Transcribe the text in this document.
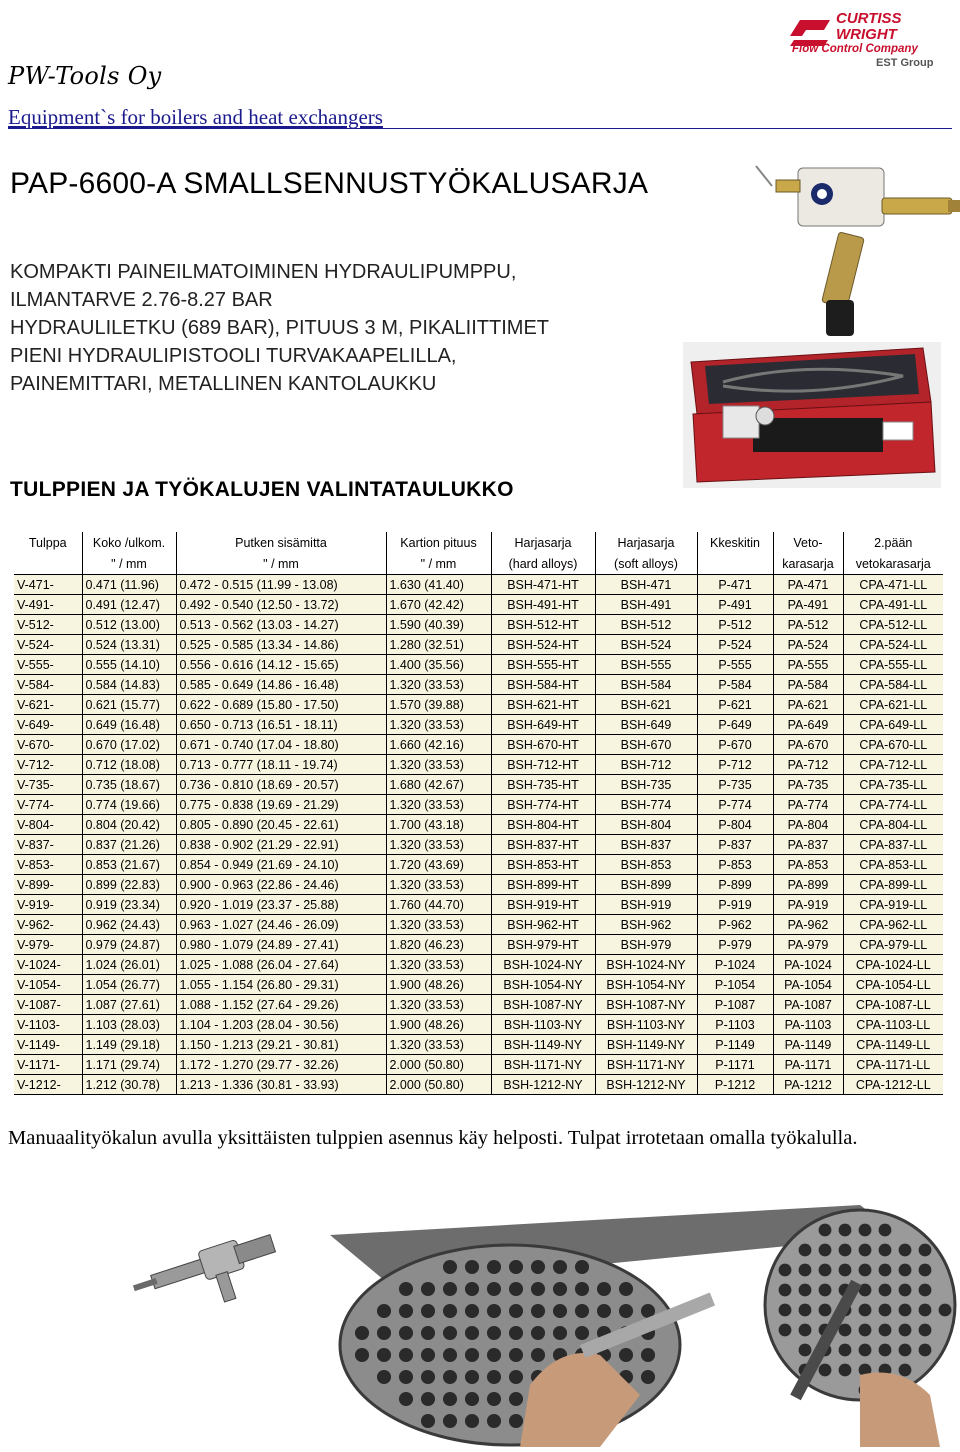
CURTISS
WRIGHT
Flow Control Company
EST Group
PW-Tools Oy
Equipment`s for boilers and heat exchangers
PAP-6600-A SMALLSENNUSTYÖKALUSARJA
KOMPAKTI PAINEILMATOIMINEN HYDRAULIPUMPPU,
ILMANTARVE 2.76-8.27 BAR
HYDRAULILETKU (689 BAR), PITUUS 3 M, PIKALIITTIMET
PIENI HYDRAULIPISTOOLI TURVAKAAPELILLA,
PAINEMITTARI, METALLINEN KANTOLAUKKU
TULPPIEN JA TYÖKALUJEN VALINTATAULUKKO
Tulppa	Koko /ulkom.	Putken sisämitta	Kartion pituus	Harjasarja	Harjasarja	Kkeskitin	Veto-	2.pään
	" / mm	" / mm	" / mm	(hard alloys)	(soft alloys)		karasarja	vetokarasarja
V-471-	0.471 (11.96)	0.472 - 0.515 (11.99 - 13.08)	1.630 (41.40)	BSH-471-HT	BSH-471	P-471	PA-471	CPA-471-LL
V-491-	0.491 (12.47)	0.492 - 0.540 (12.50 - 13.72)	1.670 (42.42)	BSH-491-HT	BSH-491	P-491	PA-491	CPA-491-LL
V-512-	0.512 (13.00)	0.513 - 0.562 (13.03 - 14.27)	1.590 (40.39)	BSH-512-HT	BSH-512	P-512	PA-512	CPA-512-LL
V-524-	0.524 (13.31)	0.525 - 0.585 (13.34 - 14.86)	1.280 (32.51)	BSH-524-HT	BSH-524	P-524	PA-524	CPA-524-LL
V-555-	0.555 (14.10)	0.556 - 0.616 (14.12 - 15.65)	1.400 (35.56)	BSH-555-HT	BSH-555	P-555	PA-555	CPA-555-LL
V-584-	0.584 (14.83)	0.585 - 0.649 (14.86 - 16.48)	1.320 (33.53)	BSH-584-HT	BSH-584	P-584	PA-584	CPA-584-LL
V-621-	0.621 (15.77)	0.622 - 0.689 (15.80 - 17.50)	1.570 (39.88)	BSH-621-HT	BSH-621	P-621	PA-621	CPA-621-LL
V-649-	0.649 (16.48)	0.650 - 0.713 (16.51 - 18.11)	1.320 (33.53)	BSH-649-HT	BSH-649	P-649	PA-649	CPA-649-LL
V-670-	0.670 (17.02)	0.671 - 0.740 (17.04 - 18.80)	1.660 (42.16)	BSH-670-HT	BSH-670	P-670	PA-670	CPA-670-LL
V-712-	0.712 (18.08)	0.713 - 0.777 (18.11 - 19.74)	1.320 (33.53)	BSH-712-HT	BSH-712	P-712	PA-712	CPA-712-LL
V-735-	0.735 (18.67)	0.736 - 0.810 (18.69 - 20.57)	1.680 (42.67)	BSH-735-HT	BSH-735	P-735	PA-735	CPA-735-LL
V-774-	0.774 (19.66)	0.775 - 0.838 (19.69 - 21.29)	1.320 (33.53)	BSH-774-HT	BSH-774	P-774	PA-774	CPA-774-LL
V-804-	0.804 (20.42)	0.805 - 0.890 (20.45 - 22.61)	1.700 (43.18)	BSH-804-HT	BSH-804	P-804	PA-804	CPA-804-LL
V-837-	0.837 (21.26)	0.838 - 0.902 (21.29 - 22.91)	1.320 (33.53)	BSH-837-HT	BSH-837	P-837	PA-837	CPA-837-LL
V-853-	0.853 (21.67)	0.854 - 0.949 (21.69 - 24.10)	1.720 (43.69)	BSH-853-HT	BSH-853	P-853	PA-853	CPA-853-LL
V-899-	0.899 (22.83)	0.900 - 0.963 (22.86 - 24.46)	1.320 (33.53)	BSH-899-HT	BSH-899	P-899	PA-899	CPA-899-LL
V-919-	0.919 (23.34)	0.920 - 1.019 (23.37 - 25.88)	1.760 (44.70)	BSH-919-HT	BSH-919	P-919	PA-919	CPA-919-LL
V-962-	0.962 (24.43)	0.963 - 1.027 (24.46 - 26.09)	1.320 (33.53)	BSH-962-HT	BSH-962	P-962	PA-962	CPA-962-LL
V-979-	0.979 (24.87)	0.980 - 1.079 (24.89 - 27.41)	1.820 (46.23)	BSH-979-HT	BSH-979	P-979	PA-979	CPA-979-LL
V-1024-	1.024 (26.01)	1.025 - 1.088 (26.04 - 27.64)	1.320 (33.53)	BSH-1024-NY	BSH-1024-NY	P-1024	PA-1024	CPA-1024-LL
V-1054-	1.054 (26.77)	1.055 - 1.154 (26.80 - 29.31)	1.900 (48.26)	BSH-1054-NY	BSH-1054-NY	P-1054	PA-1054	CPA-1054-LL
V-1087-	1.087 (27.61)	1.088 - 1.152 (27.64 - 29.26)	1.320 (33.53)	BSH-1087-NY	BSH-1087-NY	P-1087	PA-1087	CPA-1087-LL
V-1103-	1.103 (28.03)	1.104 - 1.203 (28.04 - 30.56)	1.900 (48.26)	BSH-1103-NY	BSH-1103-NY	P-1103	PA-1103	CPA-1103-LL
V-1149-	1.149 (29.18)	1.150 - 1.213 (29.21 - 30.81)	1.320 (33.53)	BSH-1149-NY	BSH-1149-NY	P-1149	PA-1149	CPA-1149-LL
V-1171-	1.171 (29.74)	1.172 - 1.270 (29.77 - 32.26)	2.000 (50.80)	BSH-1171-NY	BSH-1171-NY	P-1171	PA-1171	CPA-1171-LL
V-1212-	1.212 (30.78)	1.213 - 1.336 (30.81 - 33.93)	2.000 (50.80)	BSH-1212-NY	BSH-1212-NY	P-1212	PA-1212	CPA-1212-LL

Manuaalityökalun avulla yksittäisten tulppien asennus käy helposti. Tulpat irrotetaan omalla työkalulla.
